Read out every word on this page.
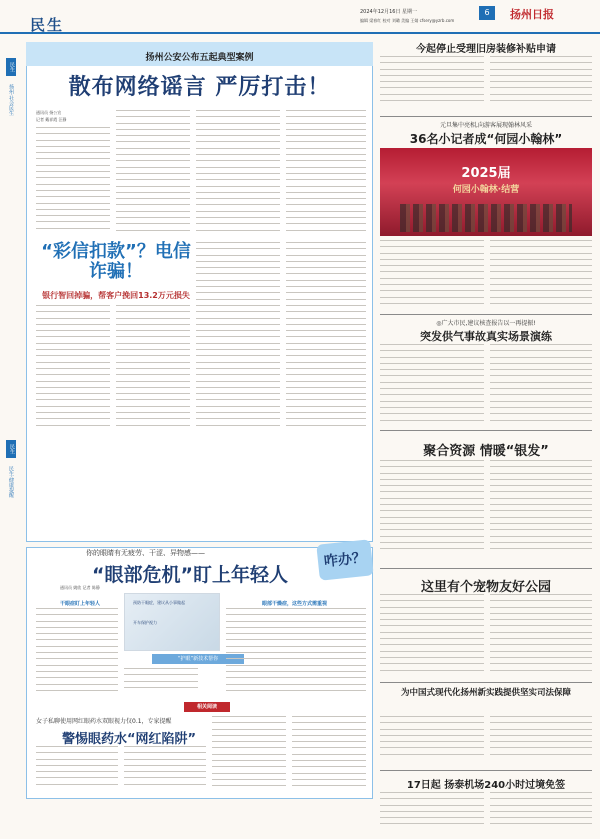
民生
2024年12月16日 星期一	6	扬州日报
编辑 梁春红 校对 刘璐 美编 王婧 cfsery@yzrb.com
民生
扬州·社会民生
民生
民生·健康提醒
扬州公安公布五起典型案例
散布网络谣言 严厉打击！
通讯员 扬公宣
记者 戴祥霞 汪静
“彩信扣款”？电信诈骗！
银行智回掉骗，帮客户挽回13.2万元损失
你的眼睛有无疲劳、干涩、异物感——
“眼部危机”盯上年轻人
咋办？
通讯员 姚欣 记者 陈静
预防干眼症，建议从小事做起
开车保护视力
“护眼”新技术帮你
干眼症盯上年轻人	眼部干燥症，这些方式需重视
相关阅读
女子私聊使用网红眼药水双眼视力仅0.1，专家提醒
警惕眼药水“网红陷阱”
今起停止受理旧房装修补贴申请
元旦集中亮相,向游客展现翰林风采
36名小记者成“何园小翰林”
2025届
何园小翰林·结营
◎广大市民,建议核查报告以一再提振!
突发供气事故真实场景演练
聚合资源 情暖“银发”
这里有个宠物友好公园
为中国式现代化扬州新实践提供坚实司法保障
17日起 扬泰机场240小时过境免签
